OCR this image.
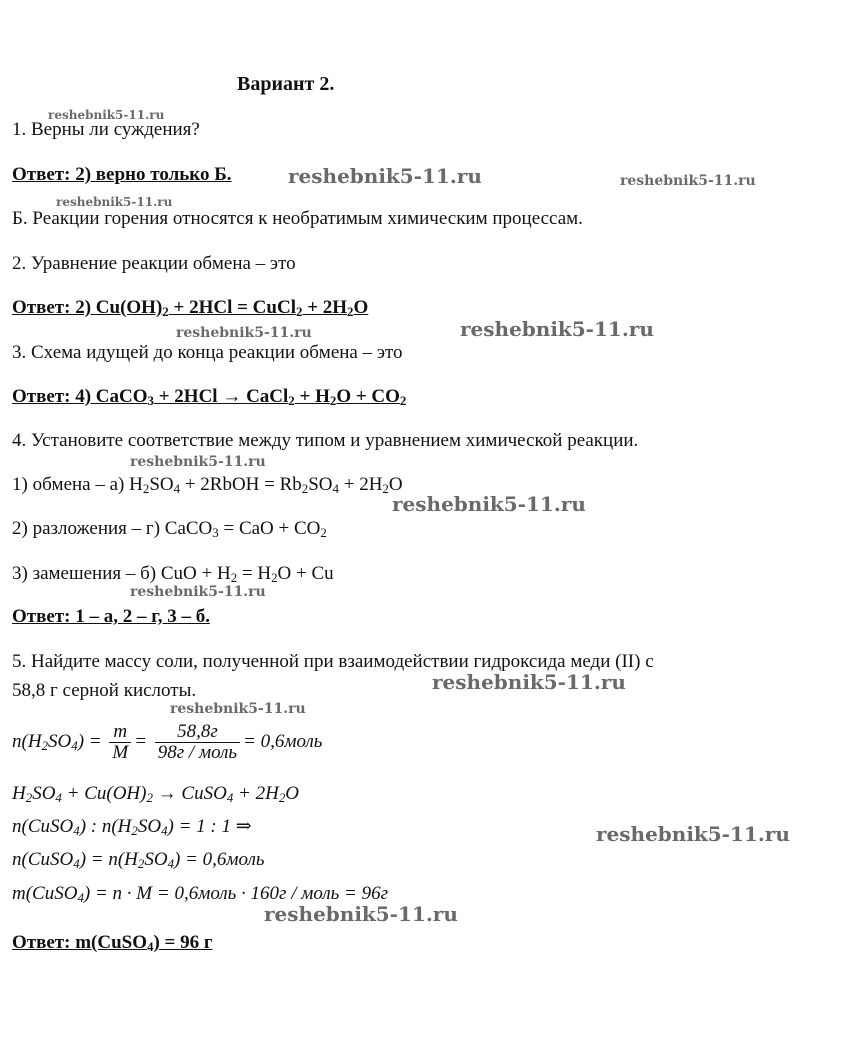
Вариант 2.
1. Верны ли суждения?
Ответ: 2) верно только Б.
Б. Реакции горения относятся к необратимым химическим процессам.
2. Уравнение реакции обмена – это
Ответ: 2) $Cu(OH)_2 + 2HCl$ = CuCl$_2$ + $2H_2O$
3. Схема идущей до конца реакции обмена – это
Ответ: 4) CaCO$_3$ + 2HCl → CaCl$_2$ + $H_2O + CO_2$
4. Установите соответствие между типом и уравнением химической реакции.
1) обмена – а) $H_2SO_4$ + 2RbOH = $Rb_2SO_4 + 2H_2O$
2) разложения – г) CaCO$_3$ = CaO + $CO_2$
3) замешения – б) CuO + $H_2 = H_2O + Cu$
Ответ: 1 – а, 2 – г, 3 – б.
5. Найдите массу соли, полученной при взаимодействии гидроксида меди (II) с
58,8 г серной кислоты.
$n(H_2SO_4) = \frac{m}{M} = \frac{58,8г}{\text{98г / моль}}$ = 0,6моль
$H_2SO_4 + Cu(OH)_2$ → CuSO$_4$ + $2H_2O$
n(CuSO$_4$) : $n(H_2SO_4) = 1$ : 1 ⇒
n(CuSO$_4$) = $n(H_2SO_4)$ = 0,6моль
m(CuSO$_4$) = n · M = 0,6моль · 160г / моль = 96г
Ответ: m(CuSO$_4$) = 96 г
reshebnik5-11.ru
reshebnik5-11.ru	reshebnik5-11.ru
reshebnik5-11.ru
reshebnik5-11.ru	reshebnik5-11.ru
reshebnik5-11.ru
reshebnik5-11.ru
reshebnik5-11.ru
reshebnik5-11.ru
reshebnik5-11.ru
reshebnik5-11.ru
reshebnik5-11.ru
